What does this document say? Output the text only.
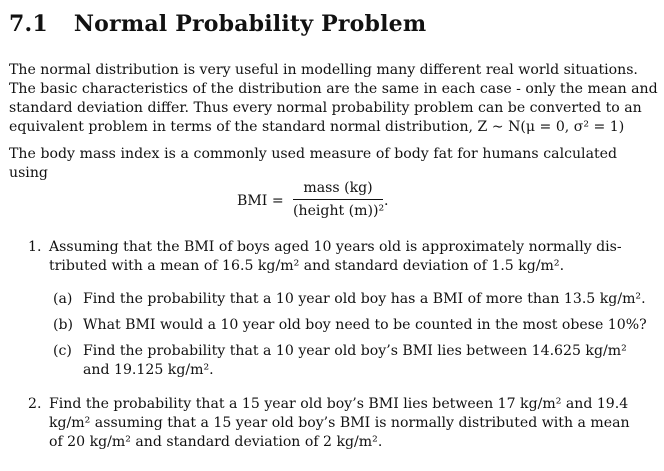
7.1 Normal Probability Problem
The normal distribution is very useful in modelling many different real world situations.
The basic characteristics of the distribution are the same in each case - only the mean and
standard deviation differ. Thus every normal probability problem can be converted to an
equivalent problem in terms of the standard normal distribution, Z ∼ N(μ = 0, σ² = 1)
The body mass index is a commonly used measure of body fat for humans calculated
using
BMI =
mass (kg)
(height (m))²
.
1. Assuming that the BMI of boys aged 10 years old is approximately normally dis-
tributed with a mean of 16.5 kg/m² and standard deviation of 1.5 kg/m².
(a) Find the probability that a 10 year old boy has a BMI of more than 13.5 kg/m².
(b) What BMI would a 10 year old boy need to be counted in the most obese 10%?
(c) Find the probability that a 10 year old boy’s BMI lies between 14.625 kg/m²
and 19.125 kg/m².
2. Find the probability that a 15 year old boy’s BMI lies between 17 kg/m² and 19.4
kg/m² assuming that a 15 year old boy’s BMI is normally distributed with a mean
of 20 kg/m² and standard deviation of 2 kg/m².
